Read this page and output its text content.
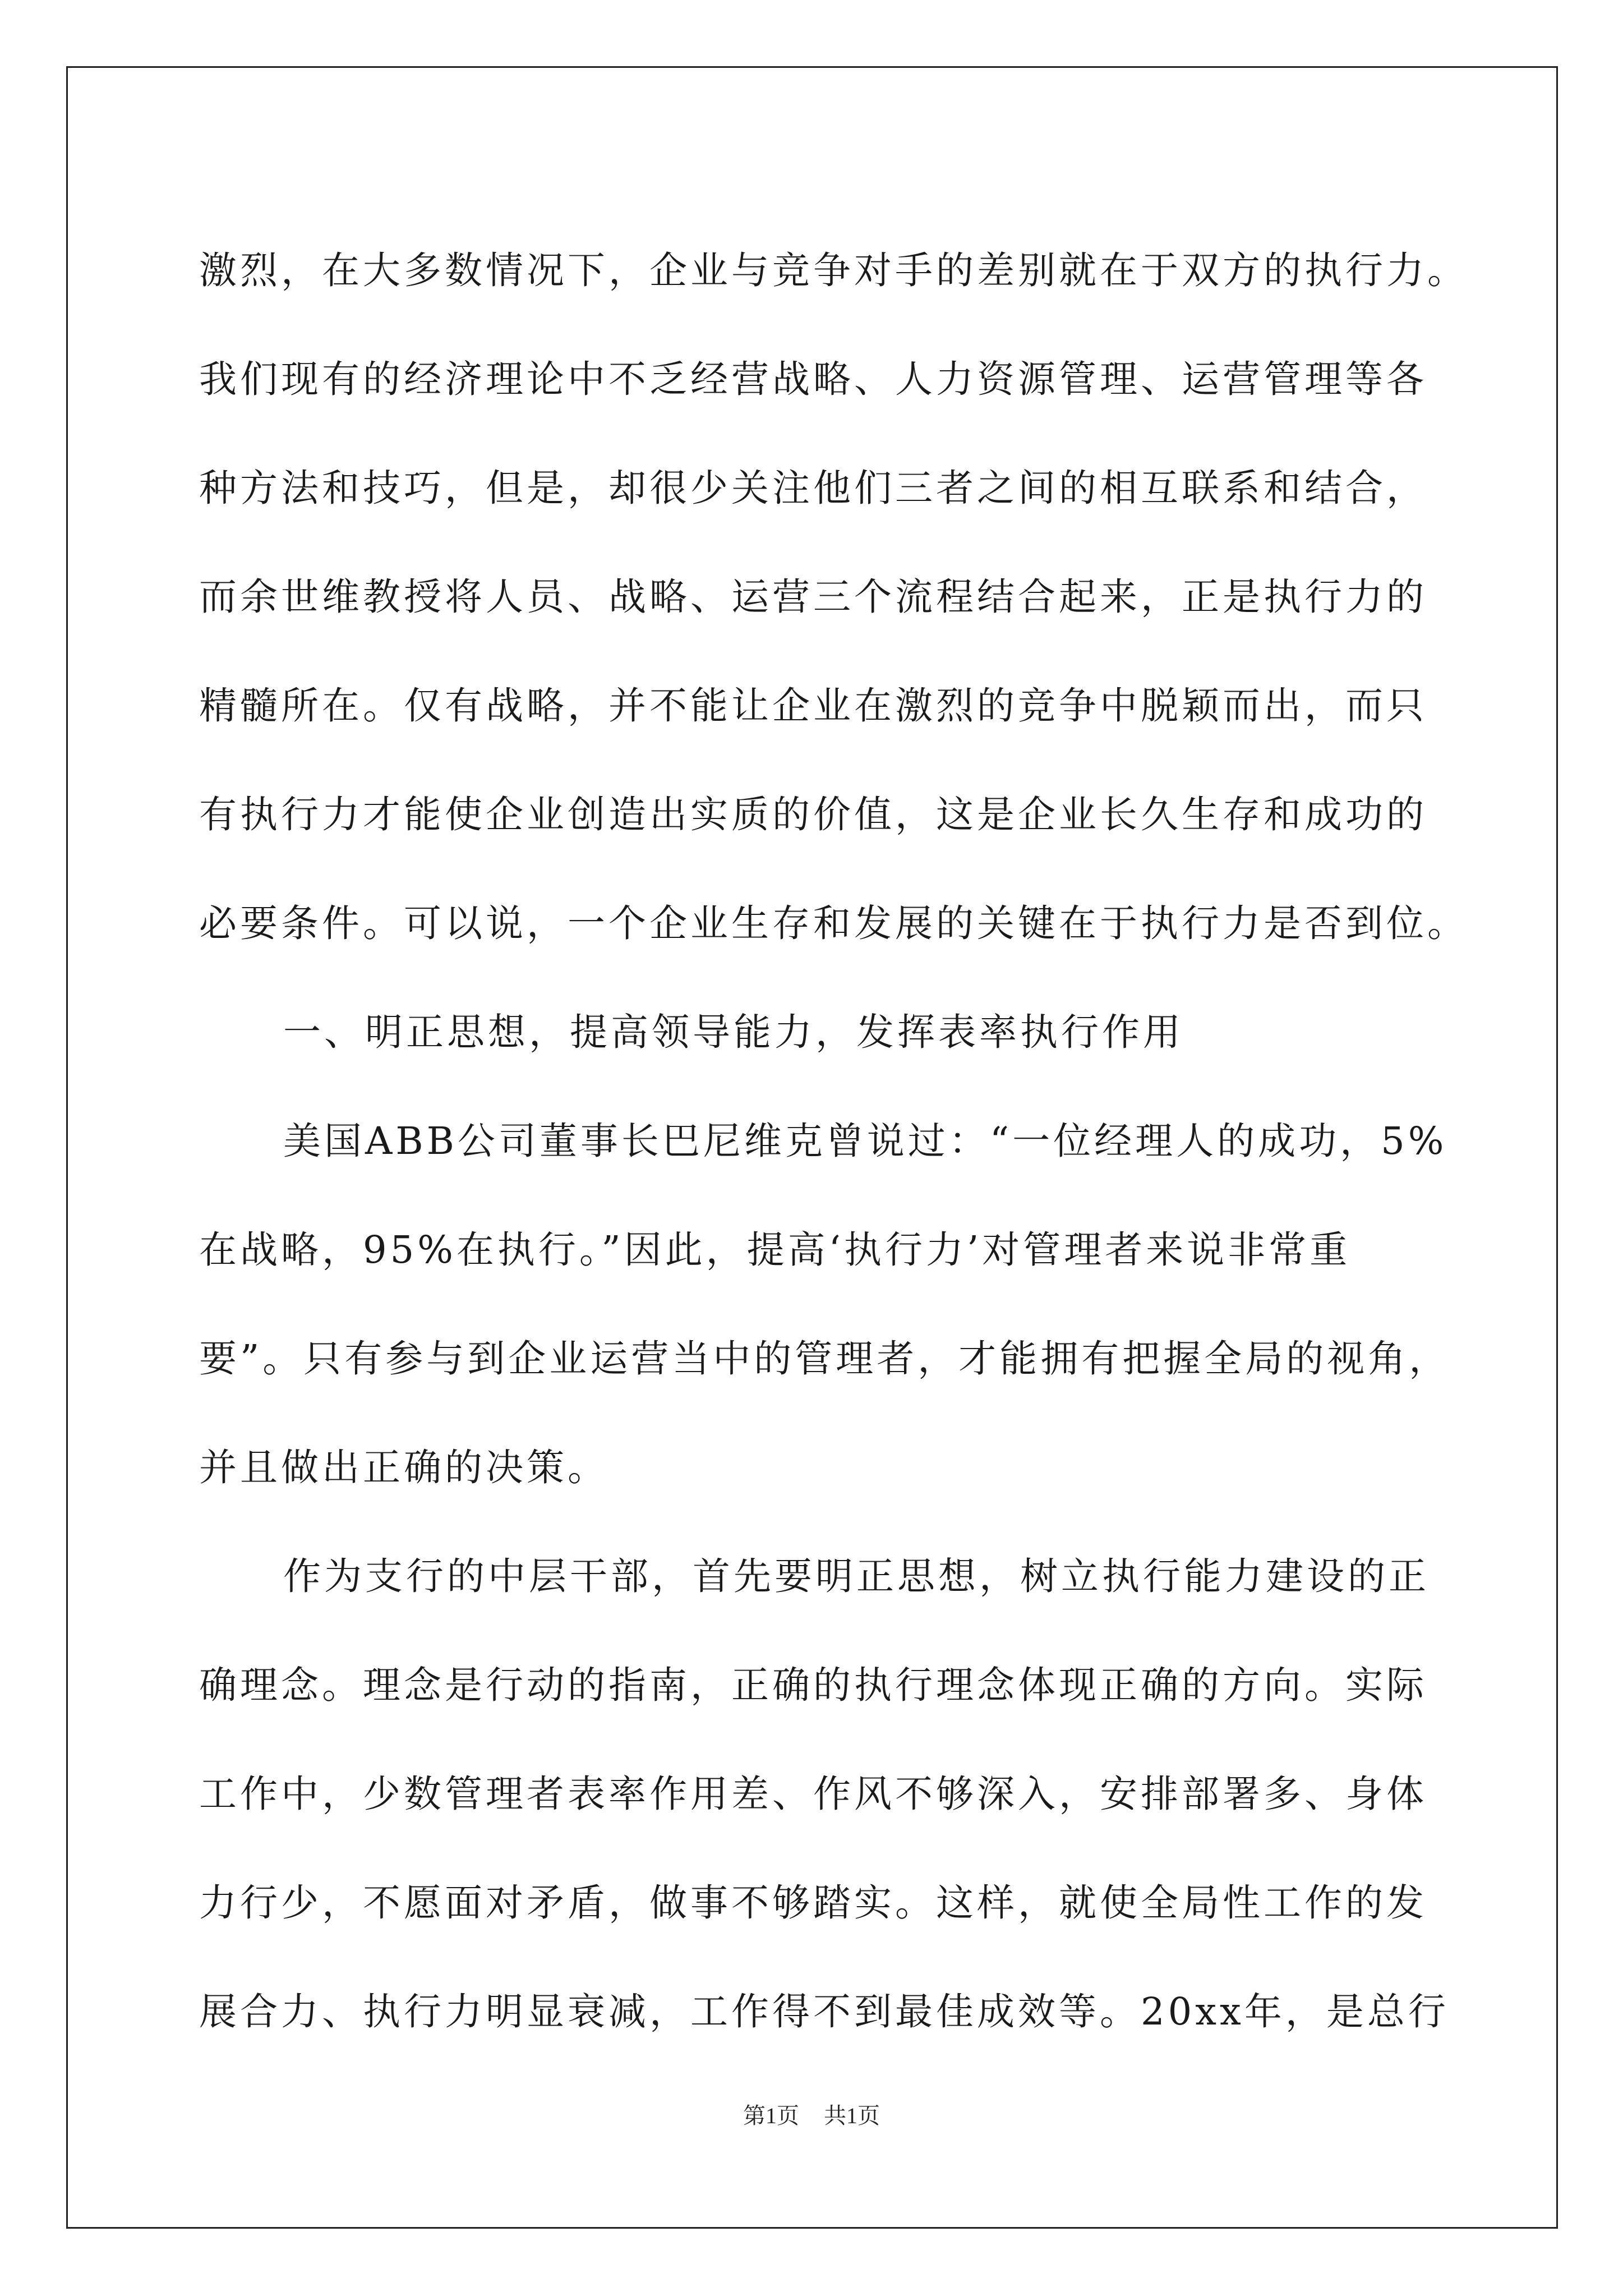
激烈，在大多数情况下，企业与竞争对手的差别就在于双方的执行力。
我们现有的经济理论中不乏经营战略、人力资源管理、运营管理等各
种方法和技巧，但是，却很少关注他们三者之间的相互联系和结合，
而余世维教授将人员、战略、运营三个流程结合起来，正是执行力的
精髓所在。仅有战略，并不能让企业在激烈的竞争中脱颖而出，而只
有执行力才能使企业创造出实质的价值，这是企业长久生存和成功的
必要条件。可以说，一个企业生存和发展的关键在于执行力是否到位。
一、明正思想，提高领导能力，发挥表率执行作用
美国ABB公司董事长巴尼维克曾说过：“一位经理人的成功，5%
在战略，95%在执行。”因此，提高‘执行力’对管理者来说非常重
要”。只有参与到企业运营当中的管理者，才能拥有把握全局的视角，
并且做出正确的决策。
作为支行的中层干部，首先要明正思想，树立执行能力建设的正
确理念。理念是行动的指南，正确的执行理念体现正确的方向。实际
工作中，少数管理者表率作用差、作风不够深入，安排部署多、身体
力行少，不愿面对矛盾，做事不够踏实。这样，就使全局性工作的发
展合力、执行力明显衰减，工作得不到最佳成效等。20xx年，是总行
第1页 共1页
